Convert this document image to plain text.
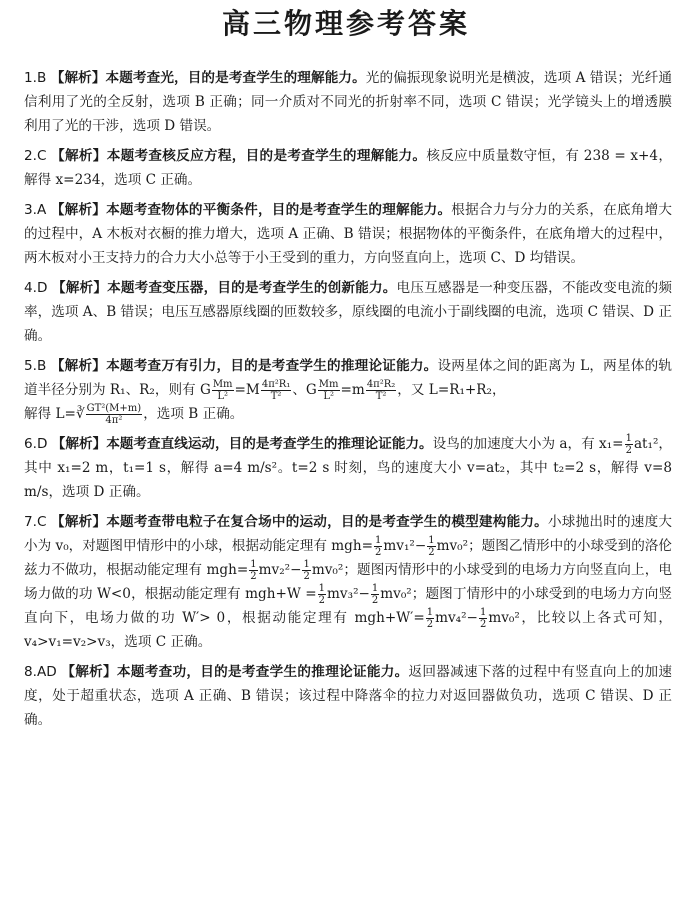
高三物理参考答案
1.B 【解析】本题考查光，目的是考查学生的理解能力。光的偏振现象说明光是横波，选项 A 错误；光纤通信利用了光的全反射，选项 B 正确；同一介质对不同光的折射率不同，选项 C 错误；光学镜头上的增透膜利用了光的干涉，选项 D 错误。
2.C 【解析】本题考查核反应方程，目的是考查学生的理解能力。核反应中质量数守恒，有 238 = x+4，解得 x=234，选项 C 正确。
3.A 【解析】本题考查物体的平衡条件，目的是考查学生的理解能力。根据合力与分力的关系，在底角增大的过程中，A 木板对衣橱的推力增大，选项 A 正确、B 错误；根据物体的平衡条件，在底角增大的过程中，两木板对小王支持力的合力大小总等于小王受到的重力，方向竖直向上，选项 C、D 均错误。
4.D 【解析】本题考查变压器，目的是考查学生的创新能力。电压互感器是一种变压器，不能改变电流的频率，选项 A、B 错误；电压互感器原线圈的匝数较多，原线圈的电流小于副线圈的电流，选项 C 错误、D 正确。
5.B 【解析】本题考查万有引力，目的是考查学生的推理论证能力。设两星体之间的距离为 L，两星体的轨道半径分别为 R₁、R₂，则有 G $\frac{Mm}{\text{L²}} =M \frac{\text{4π²R₁}}{\text{T²}}$ 、G $\frac{Mm}{\text{L²}} =m \frac{\text{4π²R₂}}{\text{T²}}$ ，又 L=R₁+R₂，
解得 L=∛ $\frac{\text{GT²(M+m)}}{\text{4π²}}$ ，选项 B 正确。
6.D 【解析】本题考查直线运动，目的是考查学生的推理论证能力。设鸟的加速度大小为 a，有 $x_1= \frac{1}{2} at_1^2$，其中 x₁=2 m，t₁=1 s，解得 a=4 m/s²。t=2 s 时刻，鸟的速度大小 v=at₂，其中 t₂=2 s，解得 v=8 m/s，选项 D 正确。
7.C 【解析】本题考查带电粒子在复合场中的运动，目的是考查学生的模型建构能力。小球抛出时的速度大小为 v₀，对题图甲情形中的小球，根据动能定理有 $mgh= \frac{1}{2} mv_1^2- \frac{1}{2} mv_0^2$；题图乙情形中的小球受到的洛伦兹力不做功，根据动能定理有 $mgh= \frac{1}{2} mv_2^2- \frac{1}{2} mv_0^2$；题图丙情形中的小球受到的电场力方向竖直向上，电场力做的功 W<0，根据动能定理有 $mgh+W = \frac{1}{2} mv_3^2- \frac{1}{2} mv_0^2$；题图丁情形中的小球受到的电场力方向竖直向下，电场力做的功 W′> 0，根据动能定理有 $mgh+W'= \frac{1}{2} mv_4^2- \frac{1}{2} mv_0^2$，比较以上各式可知，v₄>v₁=v₂>v₃，选项 C 正确。
8.AD 【解析】本题考查功，目的是考查学生的推理论证能力。返回器减速下落的过程中有竖直向上的加速度，处于超重状态，选项 A 正确、B 错误；该过程中降落伞的拉力对返回器做负功，选项 C 错误、D 正确。
